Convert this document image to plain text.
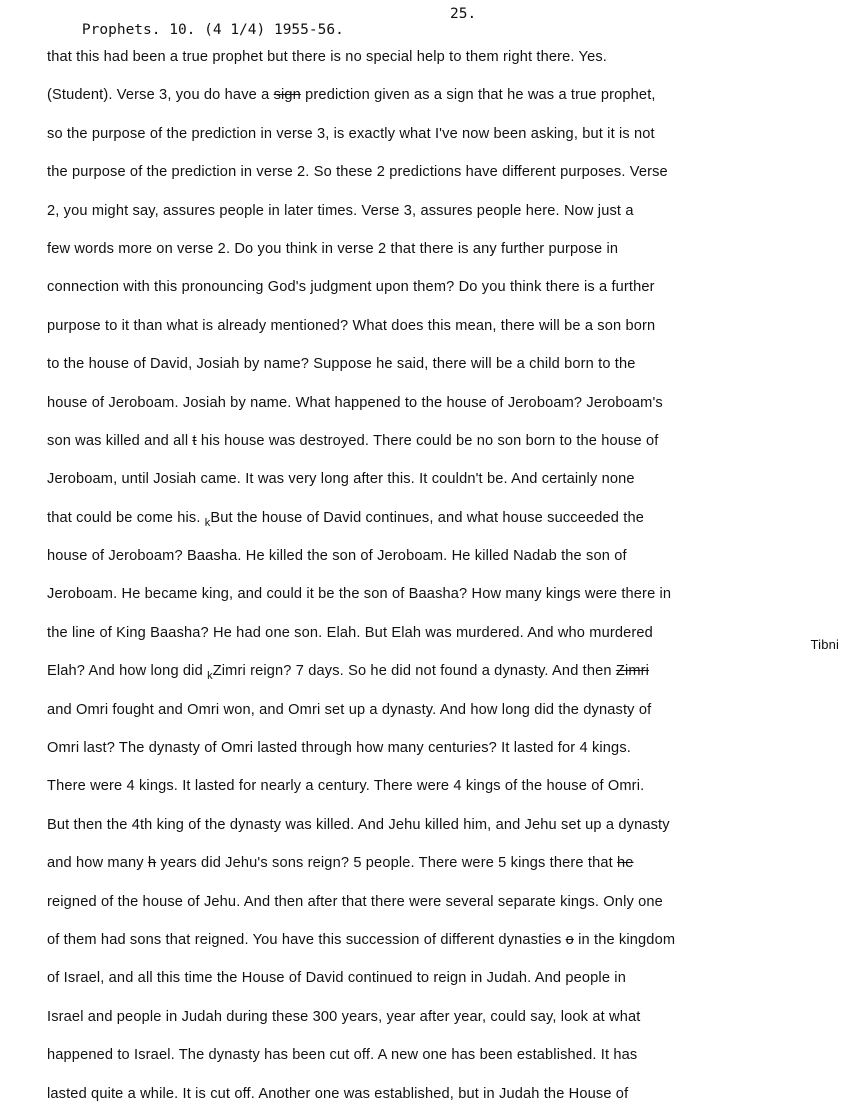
Prophets. 10. (4 1/4) 1955-56.

25.

that this had been a true prophet but there is no special help to them right there. Yes.
(Student). Verse 3, you do have a sign prediction given as a sign that he was a true prophet,
so the purpose of the prediction in verse 3, is exactly what I've now been asking, but it is not
the purpose of the prediction in verse 2. So these 2 predictions have different purposes. Verse
2, you might say, assures people in later times. Verse 3, assures people here. Now just a
few words more on verse 2. Do you think in verse 2 that there is any further purpose in
connection with this pronouncing God's judgment upon them? Do you think there is a further
purpose to it than what is already mentioned? What does this mean, there will be a son born
to the house of David, Josiah by name? Suppose he said, there will be a child born to the
house of Jeroboam. Josiah by name. What happened to the house of Jeroboam? Jeroboam's
son was killed and all t his house was destroyed. There could be no son born to the house of
Jeroboam, until Josiah came. It was very long after this. It couldn't be. And certainly none
that could be come his. $_k$But the house of David continues, and what house succeeded the
house of Jeroboam? Baasha. He killed the son of Jeroboam. He killed Nadab the son of
Jeroboam. He became king, and could it be the son of Baasha? How many kings were there in
the line of King Baasha? He had one son. Elah. But Elah was murdered. And who murdered
Elah? And how long did $_k$Zimri reign? 7 days. So he did not found a dynasty. And then Zimri
Tibni
and Omri fought and Omri won, and Omri set up a dynasty. And how long did the dynasty of
Omri last? The dynasty of Omri lasted through how many centuries? It lasted for 4 kings.
There were 4 kings. It lasted for nearly a century. There were 4 kings of the house of Omri.
But then the 4th king of the dynasty was killed. And Jehu killed him, and Jehu set up a dynasty
and how many h years did Jehu's sons reign? 5 people. There were 5 kings there that he
reigned of the house of Jehu. And then after that there were several separate kings. Only one
of them had sons that reigned. You have this succession of different dynasties o in the kingdom
of Israel, and all this time the House of David continued to reign in Judah. And people in
Israel and people in Judah during these 300 years, year after year, could say, look at what
happened to Israel. The dynasty has been cut off. A new one has been established. It has
lasted quite a while. It is cut off. Another one was established, but in Judah the House of
